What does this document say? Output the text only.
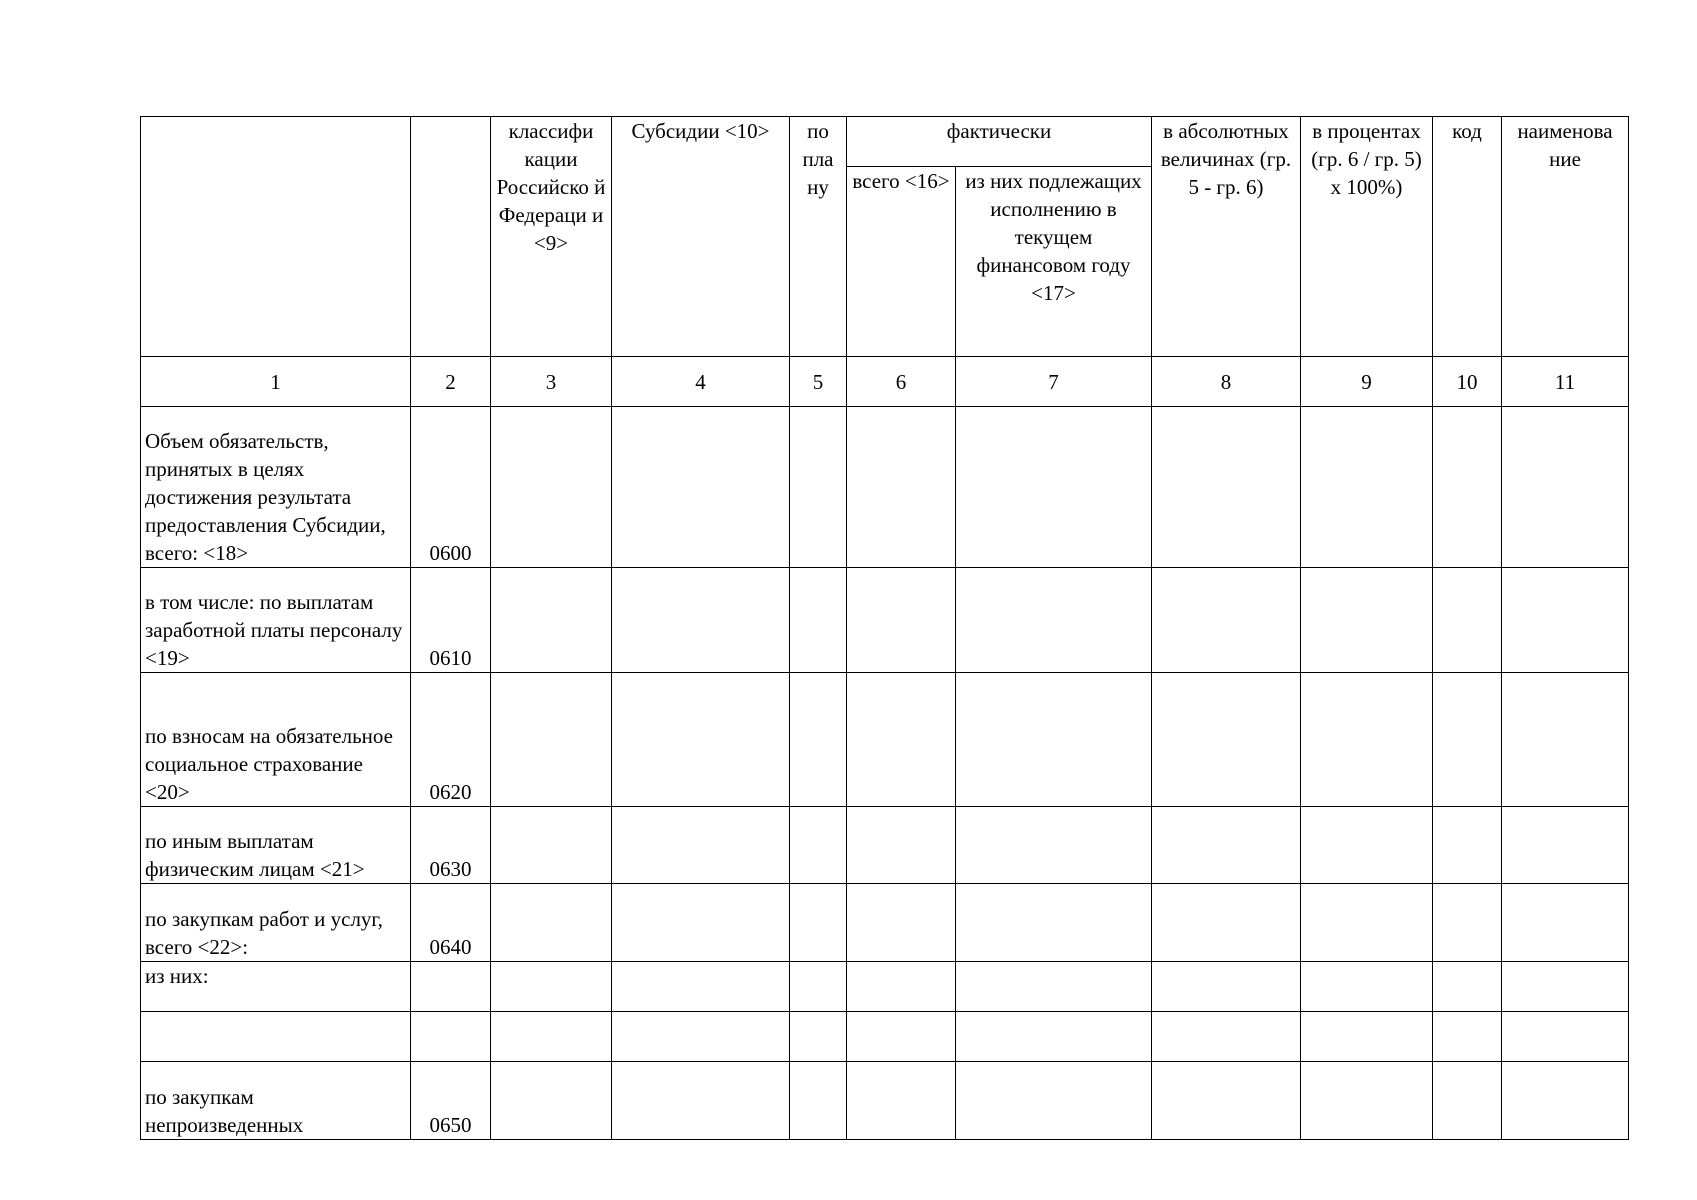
		классифи кации Российско й Федераци и <9>	Субсидии <10>	по пла ну	фактически		в абсолютных величинах (гр. 5 - гр. 6)	в процентах (гр. 6 / гр. 5) x 100%)	код	наименова ние
					всего <16>	из них подлежащих исполнению в текущем финансовом году <17>				
1	2	3	4	5	6	7	8	9	10	11
Объем обязательств, принятых в целях достижения результата предоставления Субсидии, всего: <18>	0600									
в том числе: по выплатам заработной платы персоналу <19>	0610									
по взносам на обязательное социальное страхование <20>	0620									
по иным выплатам физическим лицам <21>	0630									
по закупкам работ и услуг, всего <22>:	0640									
из них:										

по закупкам непроизведенных	0650									
